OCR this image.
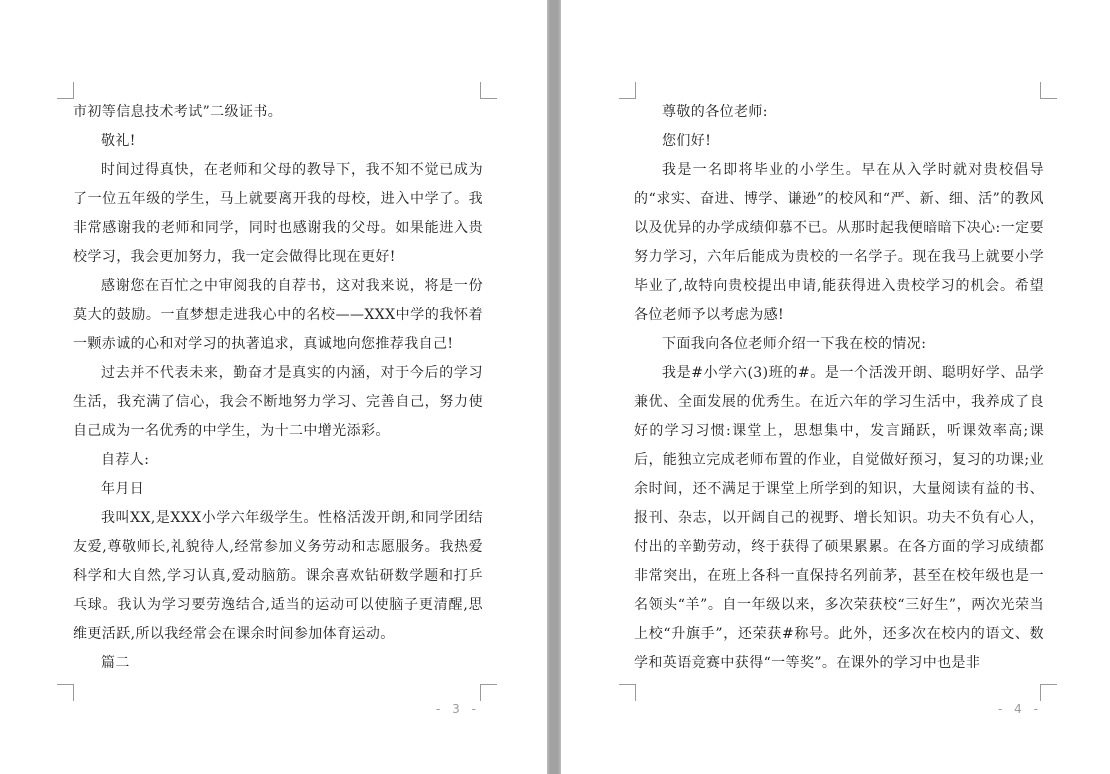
- 3 -	- 4 -

市初等信息技术考试”二级证书。

敬礼!

时间过得真快，在老师和父母的教导下，我不知不觉已成为了一位五年级的学生，马上就要离开我的母校，进入中学了。我非常感谢我的老师和同学，同时也感谢我的父母。如果能进入贵校学习，我会更加努力，我一定会做得比现在更好!

感谢您在百忙之中审阅我的自荐书，这对我来说，将是一份莫大的鼓励。一直梦想走进我心中的名校——XXX中学的我怀着一颗赤诚的心和对学习的执著追求，真诚地向您推荐我自己!

过去并不代表未来，勤奋才是真实的内涵，对于今后的学习生活，我充满了信心，我会不断地努力学习、完善自己，努力使自己成为一名优秀的中学生，为十二中增光添彩。

自荐人:

年月日

我叫XX,是XXX小学六年级学生。性格活泼开朗,和同学团结友爱,尊敬师长,礼貌待人,经常参加义务劳动和志愿服务。我热爱科学和大自然,学习认真,爱动脑筋。课余喜欢钻研数学题和打乒乓球。我认为学习要劳逸结合,适当的运动可以使脑子更清醒,思维更活跃,所以我经常会在课余时间参加体育运动。

篇二

尊敬的各位老师:

您们好!

我是一名即将毕业的小学生。早在从入学时就对贵校倡导的“求实、奋进、博学、谦逊”的校风和“严、新、细、活”的教风以及优异的办学成绩仰慕不已。从那时起我便暗暗下决心:一定要努力学习，六年后能成为贵校的一名学子。现在我马上就要小学毕业了,故特向贵校提出申请,能获得进入贵校学习的机会。希望各位老师予以考虑为感!

下面我向各位老师介绍一下我在校的情况:

我是#小学六(3)班的#。是一个活泼开朗、聪明好学、品学兼优、全面发展的优秀生。在近六年的学习生活中，我养成了良好的学习习惯:课堂上，思想集中，发言踊跃，听课效率高;课后，能独立完成老师布置的作业，自觉做好预习，复习的功课;业余时间，还不满足于课堂上所学到的知识，大量阅读有益的书、报刊、杂志，以开阔自己的视野、增长知识。功夫不负有心人，付出的辛勤劳动，终于获得了硕果累累。在各方面的学习成绩都非常突出，在班上各科一直保持名列前茅，甚至在校年级也是一名领头“羊”。自一年级以来，多次荣获校“三好生”，两次光荣当上校“升旗手”，还荣获#称号。此外，还多次在校内的语文、数学和英语竞赛中获得“一等奖”。在课外的学习中也是非
